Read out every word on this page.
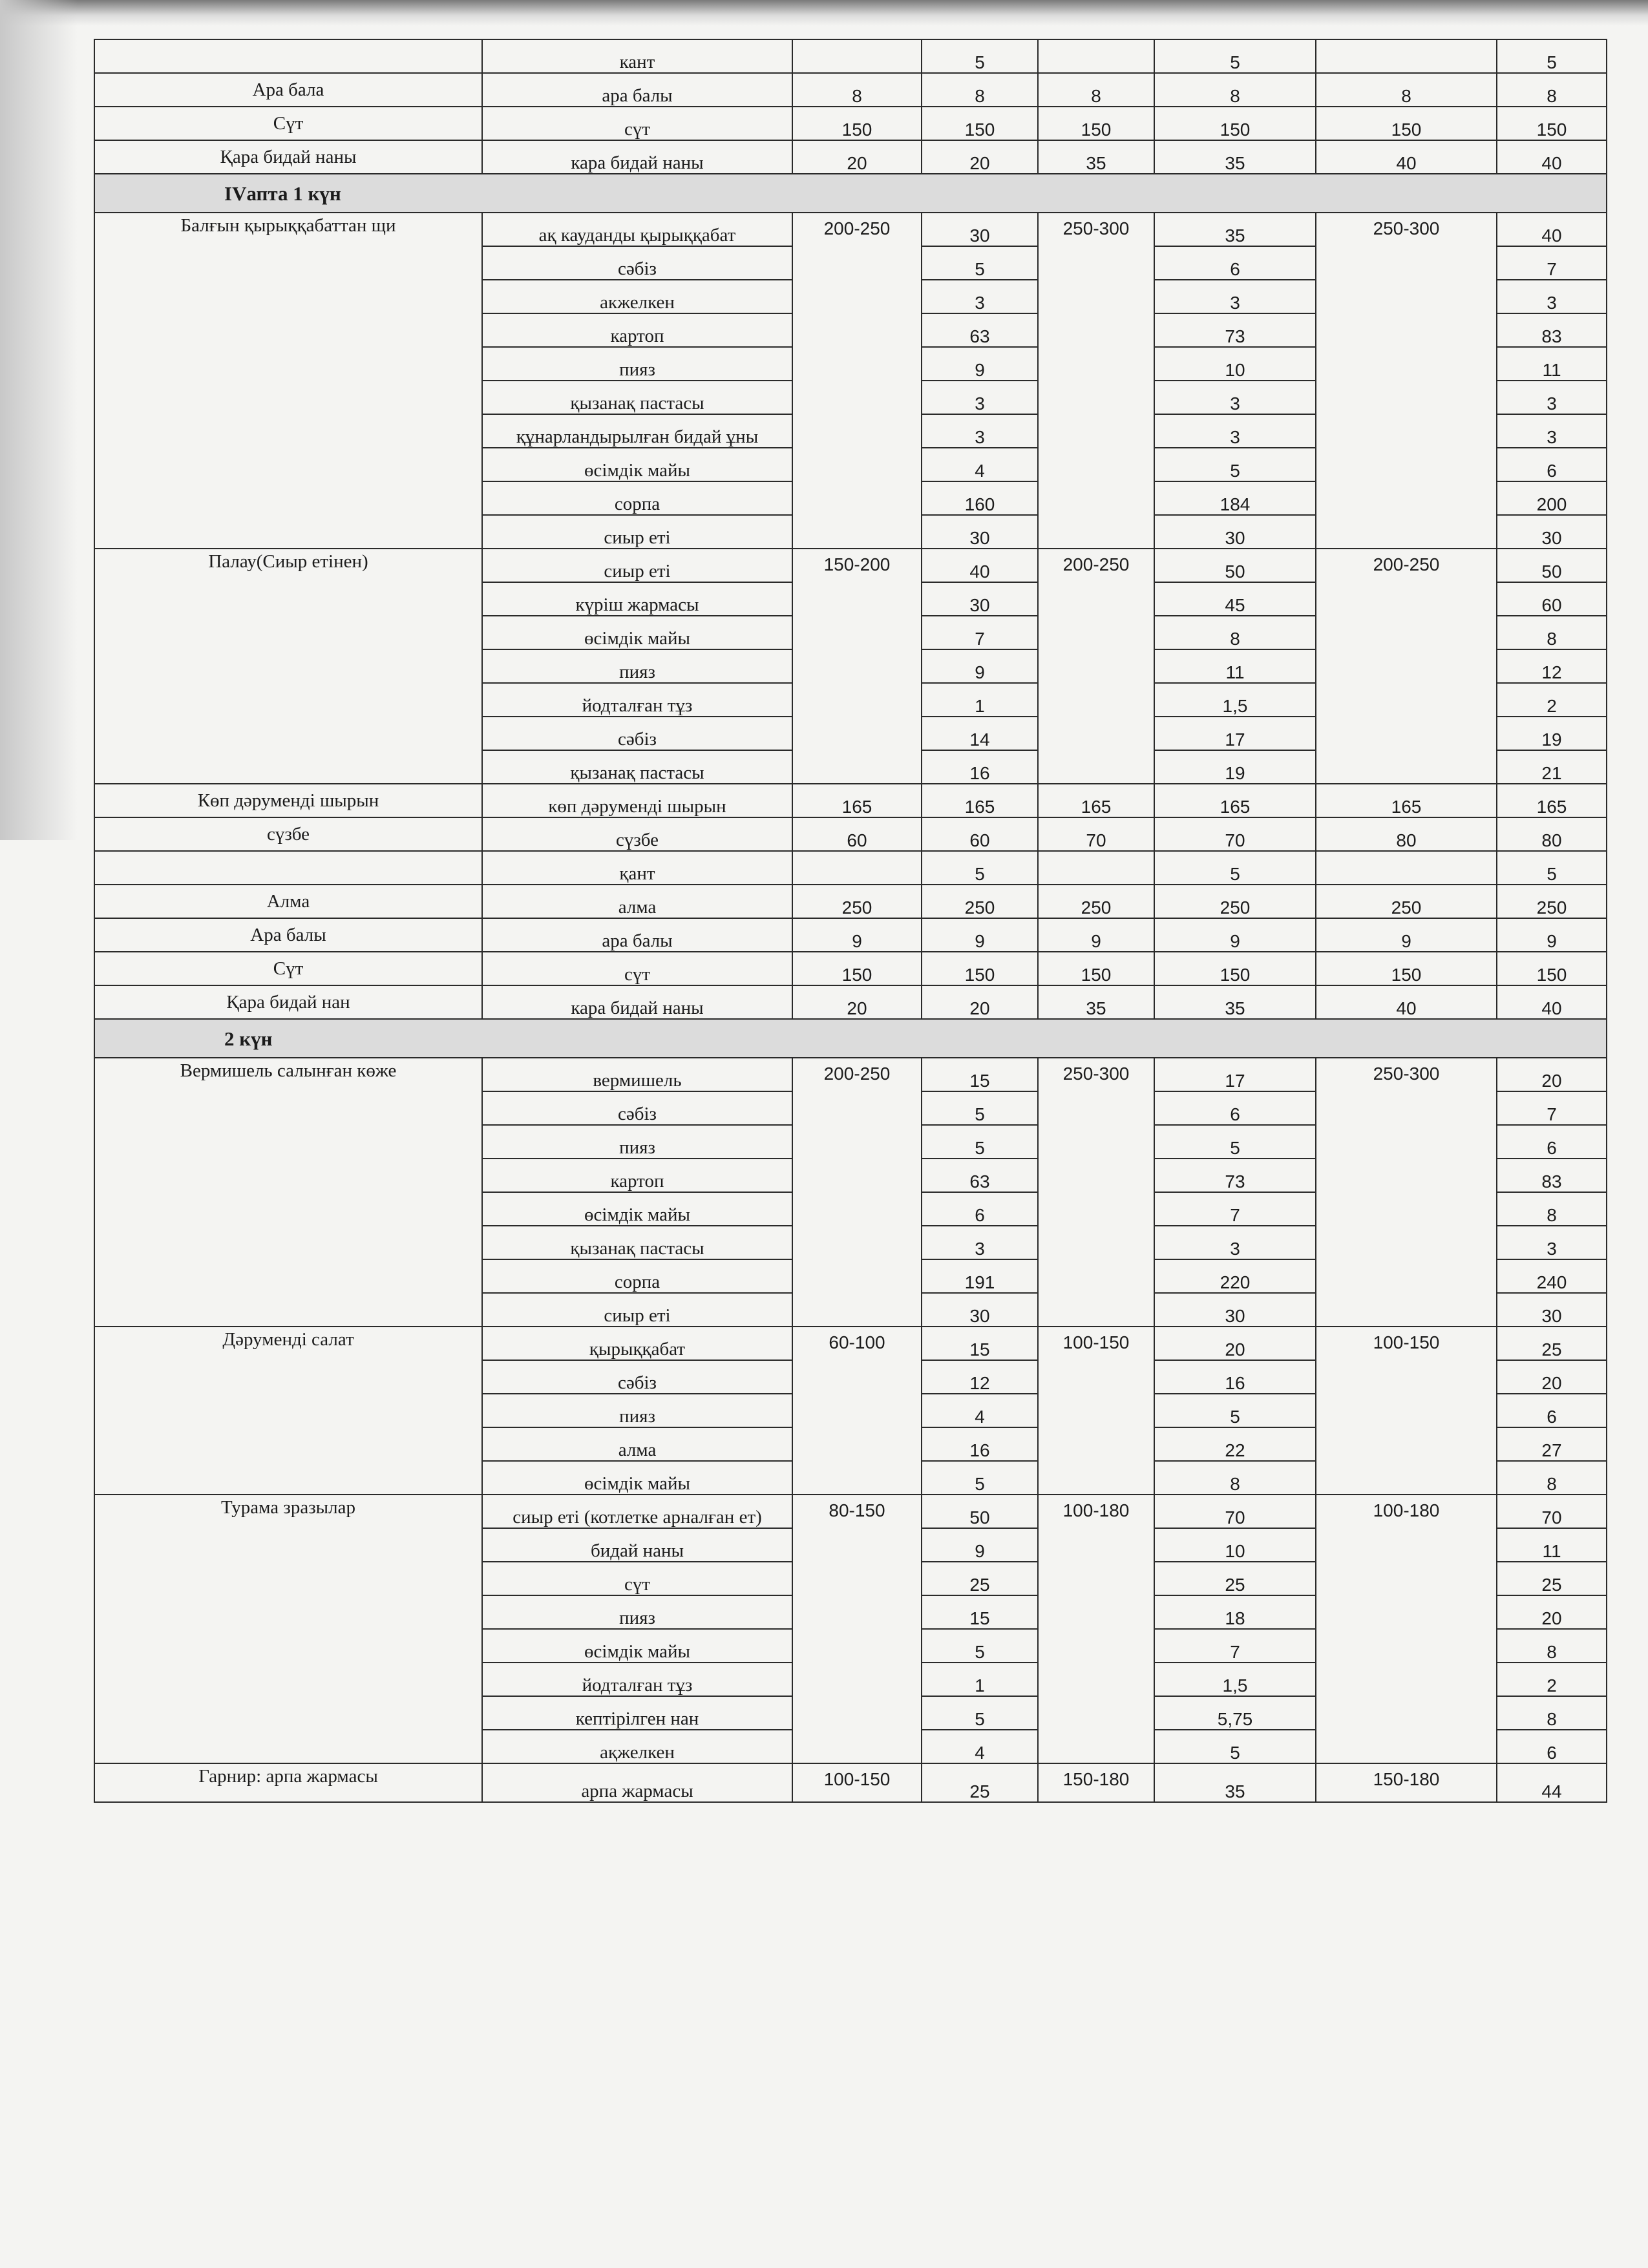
	кант		5		5		5
Ара бала	ара балы	8	8	8	8	8	8
Сүт	сүт	150	150	150	150	150	150
Қара бидай наны	кара бидай наны	20	20	35	35	40	40
IVапта 1 күн							
Балғын қырыққабаттан щи	ақ кауданды қырыққабат	200-250	30	250-300	35	250-300	40
	сәбіз		5		6		7
	акжелкен		3		3		3
	картоп		63		73		83
	пияз		9		10		11
	қызанақ пастасы		3		3		3
	құнарландырылған бидай ұны		3		3		3
	өсімдік майы		4		5		6
	сорпа		160		184		200
	сиыр еті		30		30		30
Палау(Сиыр етінен)	сиыр еті	150-200	40	200-250	50	200-250	50
	күріш жармасы		30		45		60
	өсімдік майы		7		8		8
	пияз		9		11		12
	йодталған тұз		1		1,5		2
	сәбіз		14		17		19
	қызанақ пастасы		16		19		21
Көп дәруменді шырын	көп дәруменді шырын	165	165	165	165	165	165
сүзбе	сүзбе	60	60	70	70	80	80
	қант		5		5		5
Алма	алма	250	250	250	250	250	250
Ара балы	ара балы	9	9	9	9	9	9
Сүт	сүт	150	150	150	150	150	150
Қара бидай нан	кара бидай наны	20	20	35	35	40	40
2 күн							
Вермишель салынған көже	вермишель	200-250	15	250-300	17	250-300	20
	сәбіз		5		6		7
	пияз		5		5		6
	картоп		63		73		83
	өсімдік майы		6		7		8
	қызанақ пастасы		3		3		3
	сорпа		191		220		240
	сиыр еті		30		30		30
Дәруменді салат	қырыққабат	60-100	15	100-150	20	100-150	25
	сәбіз		12		16		20
	пияз		4		5		6
	алма		16		22		27
	өсімдік майы		5		8		8
Турама зразылар	сиыр еті (котлетке арналған ет)	80-150	50	100-180	70	100-180	70
	бидай наны		9		10		11
	сүт		25		25		25
	пияз		15		18		20
	өсімдік майы		5		7		8
	йодталған тұз		1		1,5		2
	кептірілген нан		5		5,75		8
	ақжелкен		4		5		6
Гарнир: арпа жармасы	арпа жармасы	100-150	25	150-180	35	150-180	44
